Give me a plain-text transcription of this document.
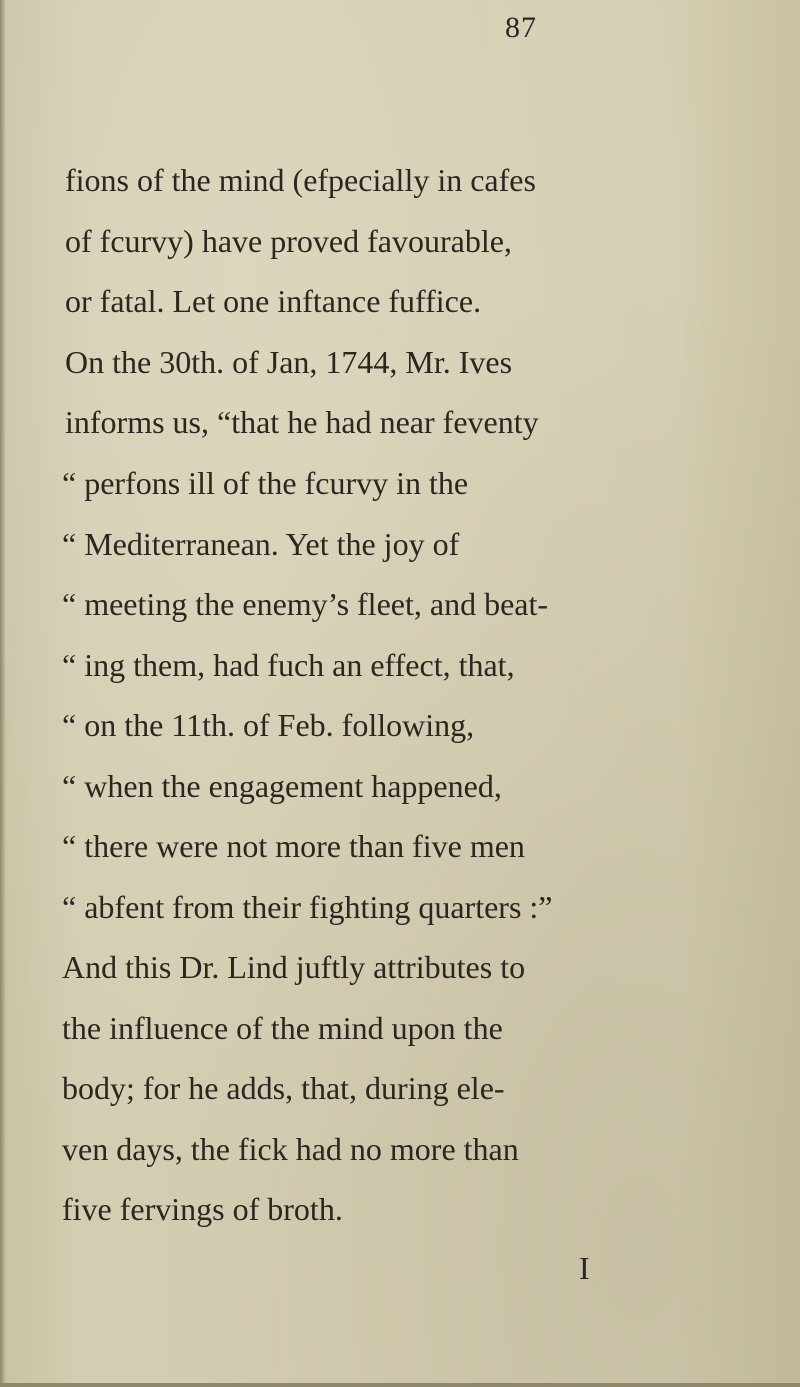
87
fions of the mind (efpecially in cafes
of fcurvy) have proved favourable,
or fatal. Let one inftance fuffice.
On the 30th. of Jan, 1744, Mr. Ives
informs us, “that he had near feventy
“ perfons ill of the fcurvy in the
“ Mediterranean. Yet the joy of
“ meeting the enemy’s fleet, and beat-
“ ing them, had fuch an effect, that,
“ on the 11th. of Feb. following,
“ when the engagement happened,
“ there were not more than five men
“ abfent from their fighting quarters :”
And this Dr. Lind juftly attributes to
the influence of the mind upon the
body; for he adds, that, during ele-
ven days, the fick had no more than
five fervings of broth.
I
